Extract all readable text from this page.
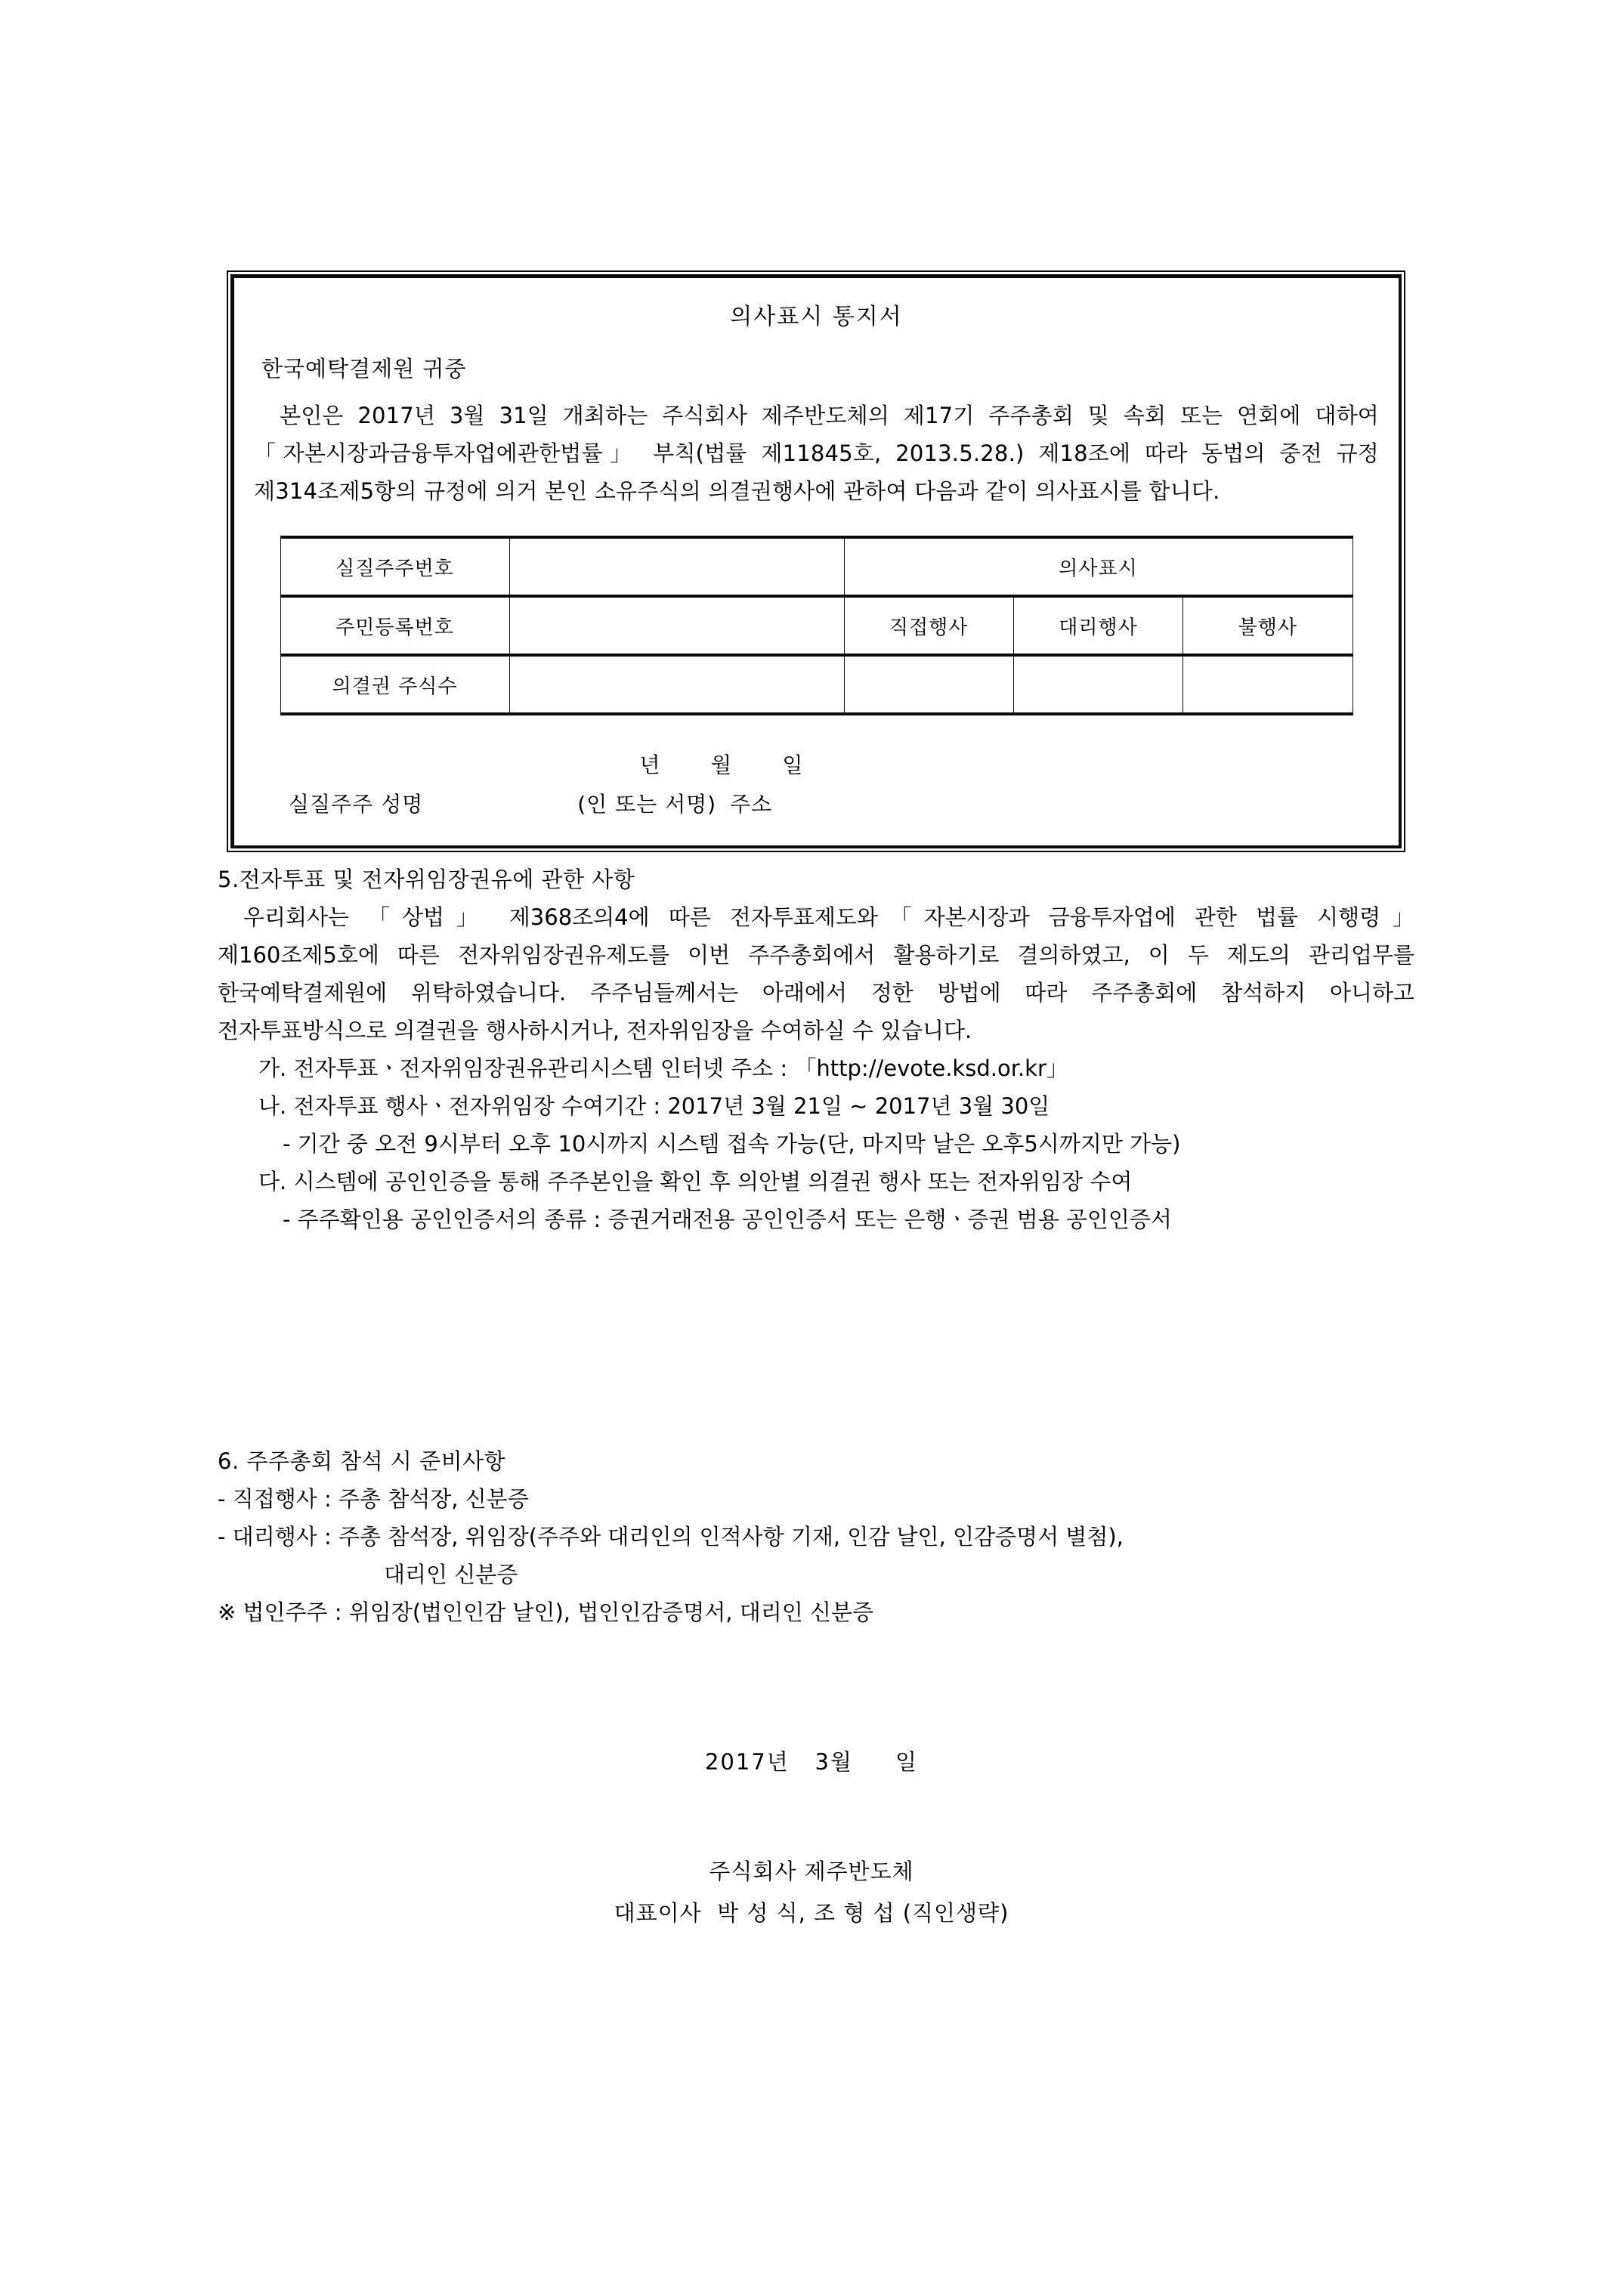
의사표시 통지서
한국예탁결제원 귀중

본인은 2017년 3월 31일 개최하는 주식회사 제주반도체의 제17기 주주총회 및 속회 또는 연회에 대하여 「자본시장과금융투자업에관한법률」 부칙(법률 제11845호, 2013.5.28.) 제18조에 따라 동법의 중전 규정 제314조제5항의 규정에 의거 본인 소유주식의 의결권행사에 관하여 다음과 같이 의사표시를 합니다.

실질주주번호		의사표시		
주민등록번호		직접행사	대리행사	불행사
의결권 주식수				
년      월      일
실질주주 성명	(인 또는 서명) 주소
5.전자투표 및 전자위임장권유에 관한 사항

우리회사는 「상법」 제368조의4에 따른 전자투표제도와「자본시장과 금융투자업에 관한 법률 시행령」 제160조제5호에 따른 전자위임장권유제도를 이번 주주총회에서 활용하기로 결의하였고, 이 두 제도의 관리업무를 한국예탁결제원에 위탁하였습니다. 주주님들께서는 아래에서 정한 방법에 따라 주주총회에 참석하지 아니하고 전자투표방식으로 의결권을 행사하시거나, 전자위임장을 수여하실 수 있습니다.

가. 전자투표ㆍ전자위임장권유관리시스템 인터넷 주소 : 「http://evote.ksd.or.kr」

나. 전자투표 행사ㆍ전자위임장 수여기간 : 2017년 3월 21일 ~ 2017년 3월 30일

- 기간 중 오전 9시부터 오후 10시까지 시스템 접속 가능(단, 마지막 날은 오후5시까지만 가능)

다. 시스템에 공인인증을 통해 주주본인을 확인 후 의안별 의결권 행사 또는 전자위임장 수여

- 주주확인용 공인인증서의 종류 : 증권거래전용 공인인증서 또는 은행ㆍ증권 범용 공인인증서

6. 주주총회 참석 시 준비사항

- 직접행사 : 주총 참석장, 신분증

- 대리행사 : 주총 참석장, 위임장(주주와 대리인의 인적사항 기재, 인감 날인, 인감증명서 별첨),

대리인 신분증

※ 법인주주 : 위임장(법인인감 날인), 법인인감증명서, 대리인 신분증

2017년   3월     일

주식회사 제주반도체

대표이사  박 성 식, 조 형 섭 (직인생략)
